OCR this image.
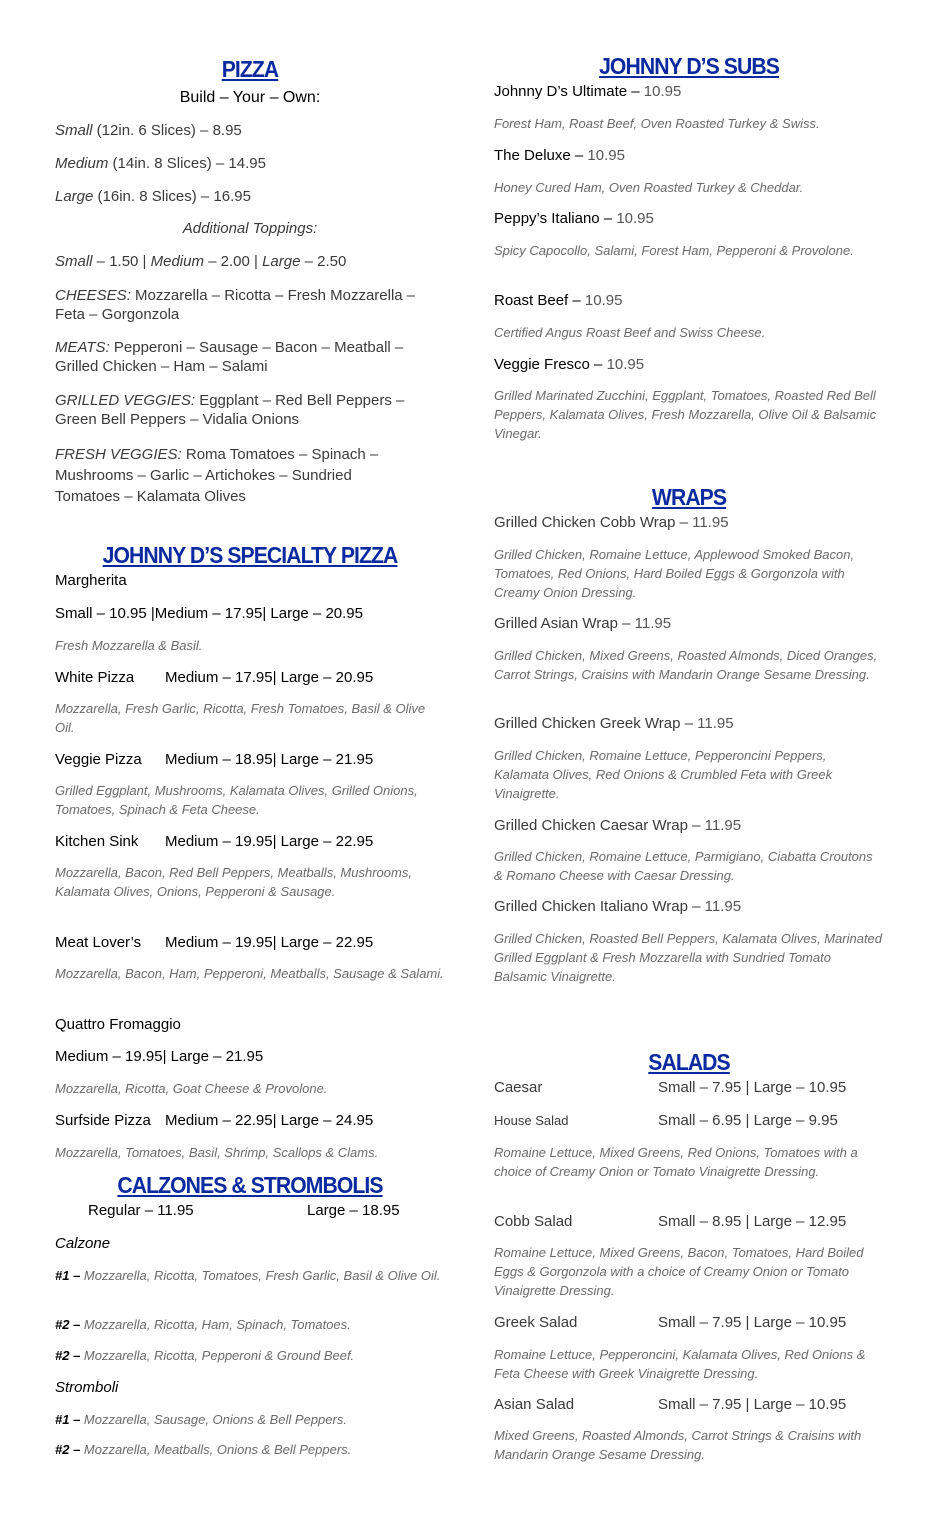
PIZZA
Build – Your – Own:
Small (12in. 6 Slices) – 8.95
Medium (14in. 8 Slices) – 14.95
Large (16in. 8 Slices) – 16.95
Additional Toppings:
Small – 1.50 | Medium – 2.00 | Large – 2.50
CHEESES: Mozzarella – Ricotta – Fresh Mozzarella –
Feta – Gorgonzola
MEATS: Pepperoni – Sausage – Bacon – Meatball –
Grilled Chicken – Ham – Salami
GRILLED VEGGIES: Eggplant – Red Bell Peppers –
Green Bell Peppers – Vidalia Onions
FRESH VEGGIES: Roma Tomatoes – Spinach –
Mushrooms – Garlic – Artichokes – Sundried
Tomatoes – Kalamata Olives
JOHNNY D’S SPECIALTY PIZZA
Margherita
Small – 10.95 |Medium – 17.95| Large – 20.95
Fresh Mozzarella & Basil.
White Pizza Medium – 17.95| Large – 20.95
Mozzarella, Fresh Garlic, Ricotta, Fresh Tomatoes, Basil & Olive Oil.
Veggie Pizza Medium – 18.95| Large – 21.95
Grilled Eggplant, Mushrooms, Kalamata Olives, Grilled Onions, Tomatoes, Spinach & Feta Cheese.
Kitchen Sink Medium – 19.95| Large – 22.95
Mozzarella, Bacon, Red Bell Peppers, Meatballs, Mushrooms, Kalamata Olives, Onions, Pepperoni & Sausage.
Meat Lover’s Medium – 19.95| Large – 22.95
Mozzarella, Bacon, Ham, Pepperoni, Meatballs, Sausage & Salami.
Quattro Fromaggio
Medium – 19.95| Large – 21.95
Mozzarella, Ricotta, Goat Cheese & Provolone.
Surfside Pizza Medium – 22.95| Large – 24.95
Mozzarella, Tomatoes, Basil, Shrimp, Scallops & Clams.
CALZONES & STROMBOLIS
Regular – 11.95	Large – 18.95
Calzone
#1 – Mozzarella, Ricotta, Tomatoes, Fresh Garlic, Basil & Olive Oil.
#2 – Mozzarella, Ricotta, Ham, Spinach, Tomatoes.
#2 – Mozzarella, Ricotta, Pepperoni & Ground Beef.
Stromboli
#1 – Mozzarella, Sausage, Onions & Bell Peppers.
#2 – Mozzarella, Meatballs, Onions & Bell Peppers.
JOHNNY D’S SUBS
Johnny D’s Ultimate – 10.95
Forest Ham, Roast Beef, Oven Roasted Turkey & Swiss.
The Deluxe – 10.95
Honey Cured Ham, Oven Roasted Turkey & Cheddar.
Peppy’s Italiano – 10.95
Spicy Capocollo, Salami, Forest Ham, Pepperoni & Provolone.
Roast Beef – 10.95
Certified Angus Roast Beef and Swiss Cheese.
Veggie Fresco – 10.95
Grilled Marinated Zucchini, Eggplant, Tomatoes, Roasted Red Bell Peppers, Kalamata Olives, Fresh Mozzarella, Olive Oil & Balsamic Vinegar.
WRAPS
Grilled Chicken Cobb Wrap – 11.95
Grilled Chicken, Romaine Lettuce, Applewood Smoked Bacon, Tomatoes, Red Onions, Hard Boiled Eggs & Gorgonzola with Creamy Onion Dressing.
Grilled Asian Wrap – 11.95
Grilled Chicken, Mixed Greens, Roasted Almonds, Diced Oranges, Carrot Strings, Craisins with Mandarin Orange Sesame Dressing.
Grilled Chicken Greek Wrap – 11.95
Grilled Chicken, Romaine Lettuce, Pepperoncini Peppers, Kalamata Olives, Red Onions & Crumbled Feta with Greek Vinaigrette.
Grilled Chicken Caesar Wrap – 11.95
Grilled Chicken, Romaine Lettuce, Parmigiano, Ciabatta Croutons & Romano Cheese with Caesar Dressing.
Grilled Chicken Italiano Wrap – 11.95
Grilled Chicken, Roasted Bell Peppers, Kalamata Olives, Marinated Grilled Eggplant & Fresh Mozzarella with Sundried Tomato Balsamic Vinaigrette.
SALADS
Caesar	Small – 7.95 | Large – 10.95
House Salad	Small – 6.95 | Large – 9.95
Romaine Lettuce, Mixed Greens, Red Onions, Tomatoes with a choice of Creamy Onion or Tomato Vinaigrette Dressing.
Cobb Salad	Small – 8.95 | Large – 12.95
Romaine Lettuce, Mixed Greens, Bacon, Tomatoes, Hard Boiled Eggs & Gorgonzola with a choice of Creamy Onion or Tomato Vinaigrette Dressing.
Greek Salad	Small – 7.95 | Large – 10.95
Romaine Lettuce, Pepperoncini, Kalamata Olives, Red Onions & Feta Cheese with Greek Vinaigrette Dressing.
Asian Salad	Small – 7.95 | Large – 10.95
Mixed Greens, Roasted Almonds, Carrot Strings & Craisins with Mandarin Orange Sesame Dressing.
